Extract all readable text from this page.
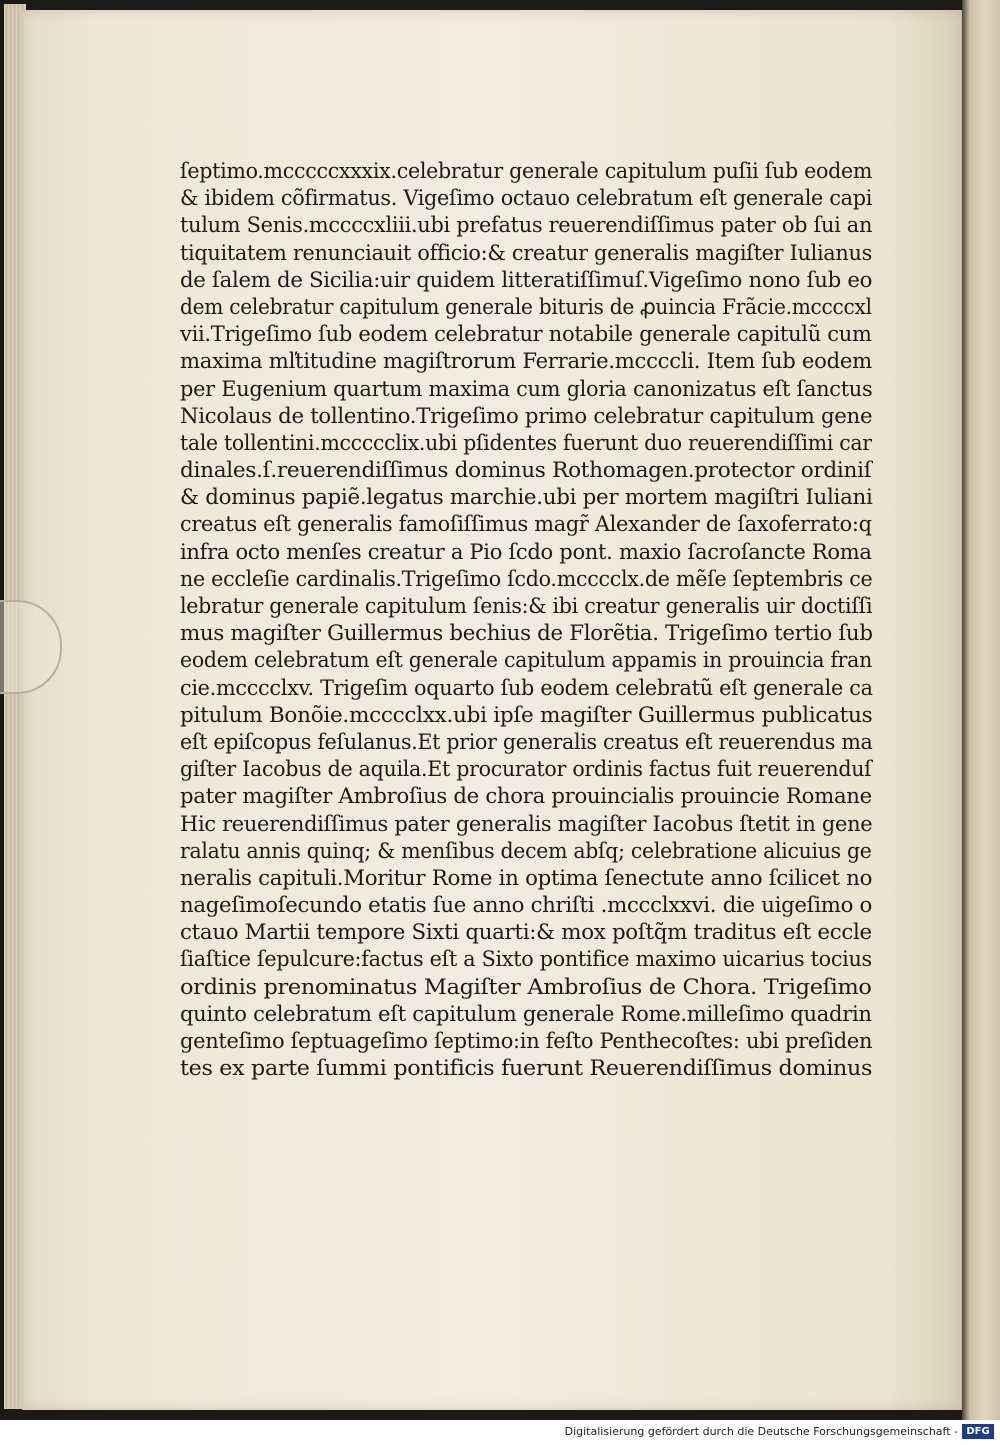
ſeptimo.mcccccxxxix.celebratur generale capitulum puſii ſub eodem
& ibidem cõfirmatus. Vigeſimo octauo celebratum eſt generale capi
tulum Senis.mccccxliii.ubi prefatus reuerendiſſimus pater ob ſui an
tiquitatem renunciauit officio:& creatur generalis magiſter Iulianus
de ſalem de Sicilia:uir quidem litteratiſſimuſ.Vigeſimo nono ſub eo
dem celebratur capitulum generale bituris de ꝓuincia Frãcie.mccccxl
vii.Trigeſimo ſub eodem celebratur notabile generale capitulũ cum
maxima mľtitudine magiſtrorum Ferrarie.mccccli. Item ſub eodem
per Eugenium quartum maxima cum gloria canonizatus eſt ſanctus
Nicolaus de tollentino.Trigeſimo primo celebratur capitulum gene
tale tollentini.mccccclix.ubi pſidentes fuerunt duo reuerendiſſimi car
dinales.ſ.reuerendiſſimus dominus Rothomagen.protector ordiniſ
& dominus papiẽ.legatus marchie.ubi per mortem magiſtri Iuliani
creatus eſt generalis famoſiſſimus magr̃ Alexander de ſaxoferrato:q
infra octo menſes creatur a Pio ſcdo pont. maxio ſacroſancte Roma
ne eccleſie cardinalis.Trigeſimo ſcdo.mcccclx.de mẽſe ſeptembris ce
lebratur generale capitulum ſenis:& ibi creatur generalis uir doctiſſi
mus magiſter Guillermus bechius de Florẽtia. Trigeſimo tertio ſub
eodem celebratum eſt generale capitulum appamis in prouincia fran
cie.mcccclxv. Trigeſim oquarto ſub eodem celebratũ eſt generale ca
pitulum Bonõie.mcccclxx.ubi ipſe magiſter Guillermus publicatus
eſt epiſcopus feſulanus.Et prior generalis creatus eſt reuerendus ma
giſter Iacobus de aquila.Et procurator ordinis factus fuit reuerenduſ
pater magiſter Ambroſius de chora prouincialis prouincie Romane
Hic reuerendiſſimus pater generalis magiſter Iacobus ſtetit in gene
ralatu annis quinq; & menſibus decem abſq; celebratione alicuius ge
neralis capituli.Moritur Rome in optima ſenectute anno ſcilicet no
nageſimoſecundo etatis ſue anno chriſti .mccclxxvi. die uigeſimo o
ctauo Martii tempore Sixti quarti:& mox poſtq̃m traditus eſt eccle
ſiaſtice ſepulcure:factus eſt a Sixto pontifice maximo uicarius tocius
ordinis prenominatus Magiſter Ambroſius de Chora. Trigeſimo
quinto celebratum eſt capitulum generale Rome.milleſimo quadrin
genteſimo ſeptuageſimo ſeptimo:in feſto Penthecoſtes: ubi preſiden
tes ex parte ſummi pontificis fuerunt Reuerendiſſimus dominus
Digitalisierung gefördert durch die Deutsche Forschungsgemeinschaft - DFG
